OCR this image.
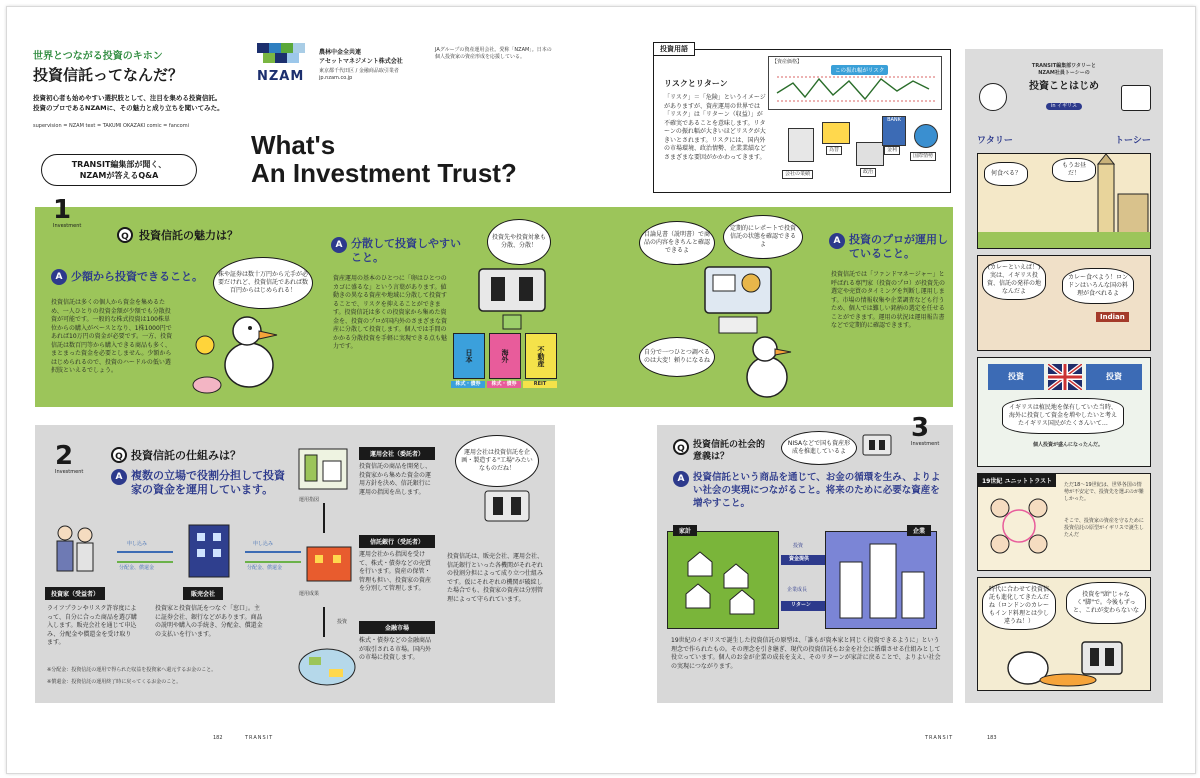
世界とつながる投資のキホン
投資信託ってなんだ？
投資初心者も始めやすい選択肢として、注目を集める投資信託。
投資のプロであるNZAMに、その魅力と成り立ちを聞いてみた。
supervision = NZAM text = TAKUMI OKAZAKI comic = fancomi
NZAM
農林中金全共連
アセットマネジメント株式会社
東京都千代田区 / 金融商品取引業者
jp.nzam.co.jp
JAグループの資産運用会社。愛称「NZAM」。日本の個人投資家の資産形成を応援している。
TRANSIT編集部が聞く、
NZAMが答えるQ&A
What's
An Investment Trust?
投資用語
リスクとリターン
「リスク」＝「危険」というイメージがありますが、資産運用の世界では「リスク」は「リターン（収益）」が不確実であることを意味します。リターンの振れ幅が大きいほどリスクが大きいとされます。リスクには、国内外の市場環境、政治情勢、企業業績などさまざまな要因がかかわってきます。
【資産価格】
この振れ幅がリスク
会社の業績
為替
政治
BANK
金利
国際情勢
1
Investment
Q 投資信託の魅力は？
A 少額から投資できること。
投資信託は多くの個人から資金を集めるため、一人ひとりの投資金額が少額でも分散投資が可能です。一般的な株式投資は100株単位からの購入がベースとなり、1株1000円であれば10万円の資金が必要です。一方、投資信託は数百円等から購入できる商品も多く、まとまった資金を必要としません。少額からはじめられるので、投資のハードルの低い選択肢といえるでしょう。
株や証券は数十万円から元手が必要だけれど、投資信託であれば数百円からはじめられる！
A 分散して投資しやすいこと。
資産運用の基本のひとつに「卵はひとつのカゴに盛るな」という言葉があります。値動きの異なる資産や地域に分散して投資することで、リスクを抑えることができます。投資信託は多くの投資家から集めた資金を、投資のプロが国内外のさまざまな資産に分散して投資します。個人では手間のかかる分散投資を手軽に実現できる点も魅力です。
投資先や投資対象も分散、分散！
日本	海外	不動産
株式・債券	株式・債券	REIT
目論見書（説明書）で商品の内容をきちんと確認できるよ
定期的にレポートで投資信託の状態を確認できるよ
自分で一つひとつ調べるのは大変！頼りになるね
A 投資のプロが運用していること。
投資信託では「ファンドマネージャー」と呼ばれる専門家（投資のプロ）が投資先の選定や売買のタイミングを判断し運用します。市場の情報収集や企業調査なども行うため、個人では難しい銘柄の選定を任せることができます。運用の状況は運用報告書などで定期的に確認できます。
2
Investment
Q 投資信託の仕組みは？
A 複数の立場で役割分担して投資家の資金を運用しています。
投資家（受益者）
ライフプランやリスク許容度によって、自分に合った商品を選び購入します。販売会社を通じて申込み、分配金や償還金を受け取ります。
申し込み
分配金、償還金
販売会社
投資家と投資信託をつなぐ「窓口」。主に証券会社、銀行などがあります。商品の説明や購入の手続き、分配金、償還金の支払いを行います。
申し込み
分配金、償還金
※分配金：投資信託の運用で得られた収益を投資家へ還元するお金のこと。
※償還金：投資信託の運用終了時に戻ってくるお金のこと。
運用指図
運用成果
投資
運用会社（委託者）
投資信託の商品を開発し、投資家から集めた資金の運用方針を決め、信託銀行に運用の指図を出します。
信託銀行（受託者）
運用会社から指図を受けて、株式・債券などの売買を行います。資産の保管・管理も担い、投資家の資産を分別して管理します。
金融市場
株式・債券などの金融商品が取引される市場。国内外の市場に投資します。
運用会社は投資信託を企画・製造する"工場"みたいなものだね！
投資信託は、販売会社、運用会社、信託銀行といった各機関がそれぞれの役割分担によって成り立つ仕組みです。仮にそれぞれの機関が破綻した場合でも、投資家の資産は分別管理によって守られています。
3
Investment
Q 投資信託の社会的意義は？
NISAなどで国も資産形成を推進しているよ
A 投資信託という商品を通じて、お金の循環を生み、よりよい社会の実現につながること。将来のために必要な資産を増やすこと。
家計	企業
資金提供
投資
リターン
企業成長
19世紀のイギリスで誕生した投資信託の原型は、「誰もが資本家と同じく投資できるように」という理念で作られたもの。その理念を引き継ぎ、現代の投資信託もお金を社会に循環させる仕組みとして役立っています。個人のお金が企業の成長を支え、そのリターンが家計に戻ることで、よりよい社会の実現につながります。
TRANSIT編集部ワタリーと
NZAM社員トーシーの
投資ことはじめ
in イギリス
ワタリー	トーシー
何食べる？
もうお昼だ！
(カレーといえば！) 実は、イギリス投資、信託の発祥の地なんだよ
カレー食べよう！ロンドンはいろんな国の料理が食べれるよ
Indian
投資	投資
イギリスは植民地を保有していた当時、海外に投資して資金を増やしたいと考えたイギリス国民がたくさんいて…
個人投資が盛んになったんだ。
19世紀 ユニットトラスト	ただ18〜19世紀は、世界各国の情勢が不安定で、投資先を選ぶのが難しかった。
そこで、投資家の資産を守るために投資信託の原型がイギリスで誕生したんだ
時代に合わせて投資信託も進化してきたんだね（ロンドンのカレーもインド料理とは少し違うね！）
投資を"頭"じゃなく"脚"で。今後もずっと、これが変わらないな
182	TRANSIT	TRANSIT	183
